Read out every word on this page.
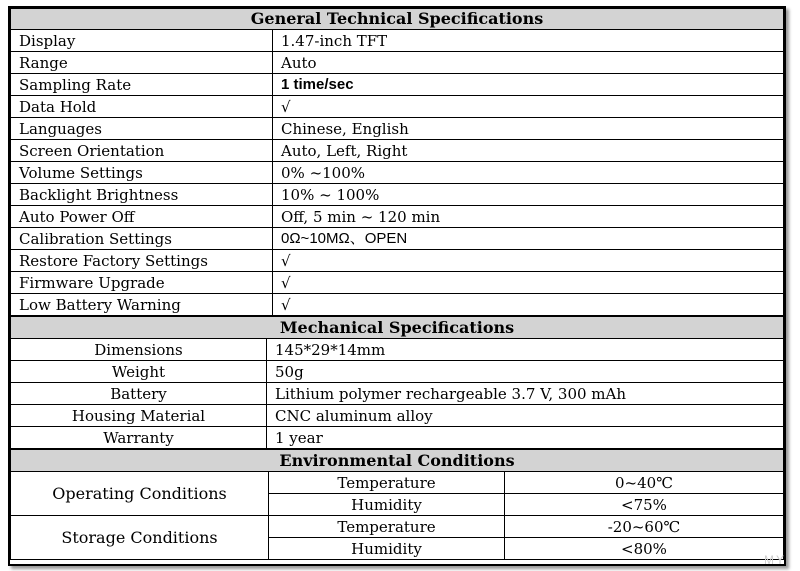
General Technical Specifications	
Display	1.47-inch TFT
Range	Auto
Sampling Rate	1 time/sec
Data Hold	√
Languages	Chinese, English
Screen Orientation	Auto, Left, Right
Volume Settings	0% ~100%
Backlight Brightness	10% ~ 100%
Auto Power Off	Off, 5 min ~ 120 min
Calibration Settings	0Ω~10MΩ、OPEN
Restore Factory Settings	√
Firmware Upgrade	√
Low Battery Warning	√
Mechanical Specifications	
Dimensions	145*29*14mm
Weight	50g
Battery	Lithium polymer rechargeable 3.7 V, 300 mAh
Housing Material	CNC aluminum alloy
Warranty	1 year
Environmental Conditions		
Operating Conditions	Temperature	0~40℃
	Humidity	<75%
Storage Conditions	Temperature	-20~60℃
	Humidity	<80%
MY
